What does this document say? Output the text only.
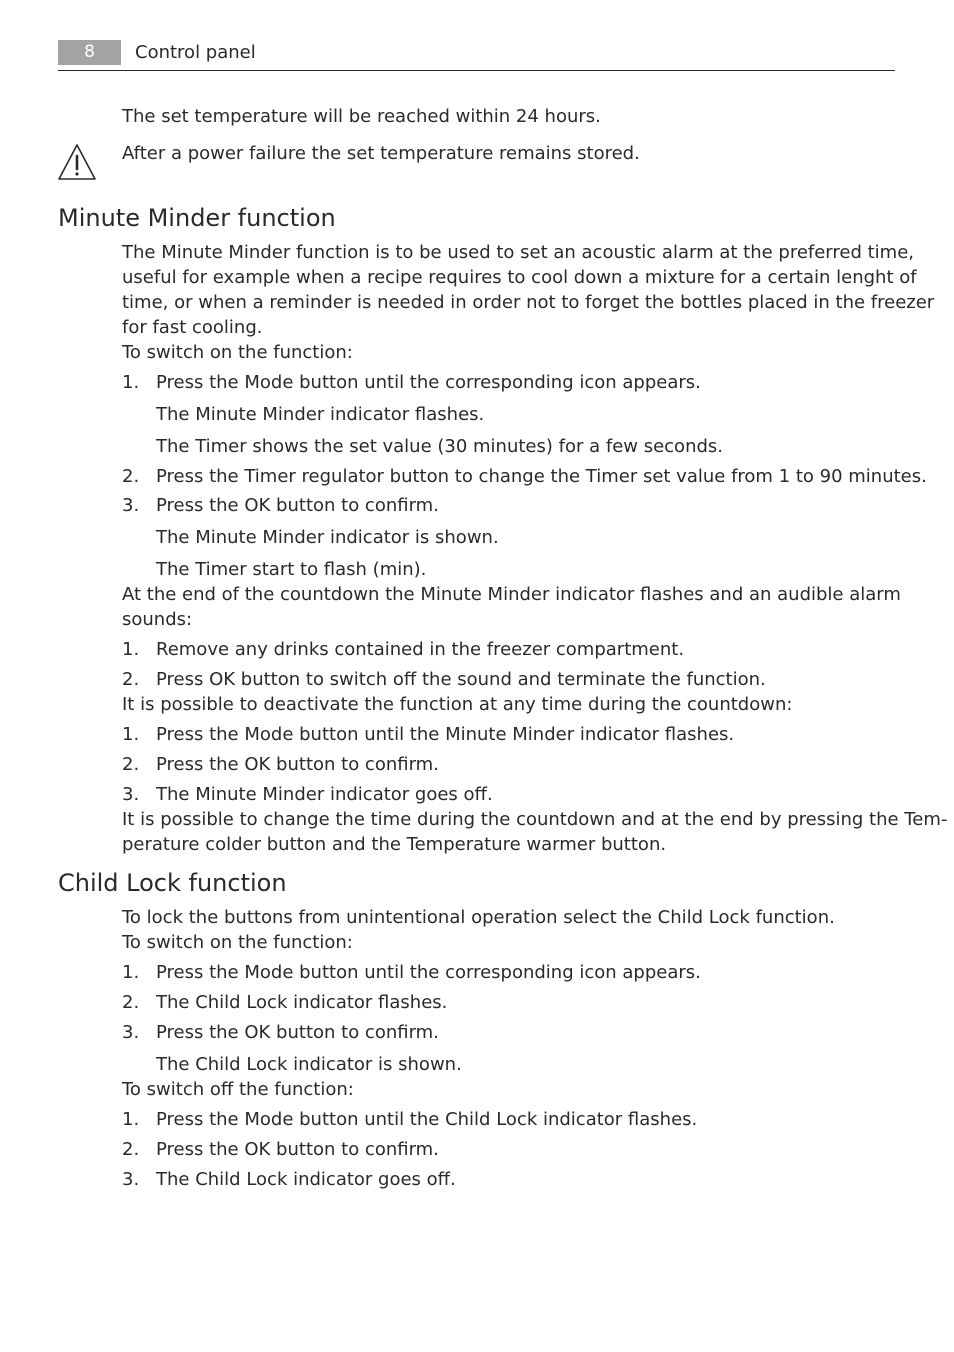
8	Control panel
The set temperature will be reached within 24 hours.
After a power failure the set temperature remains stored.
Minute Minder function
The Minute Minder function is to be used to set an acoustic alarm at the preferred time,
useful for example when a recipe requires to cool down a mixture for a certain lenght of
time, or when a reminder is needed in order not to forget the bottles placed in the freezer
for fast cooling.
To switch on the function:
1. Press the Mode button until the corresponding icon appears.
The Minute Minder indicator flashes.
The Timer shows the set value (30 minutes) for a few seconds.
2. Press the Timer regulator button to change the Timer set value from 1 to 90 minutes.
3. Press the OK button to confirm.
The Minute Minder indicator is shown.
The Timer start to flash (min).
At the end of the countdown the Minute Minder indicator flashes and an audible alarm
sounds:
1. Remove any drinks contained in the freezer compartment.
2. Press OK button to switch off the sound and terminate the function.
It is possible to deactivate the function at any time during the countdown:
1. Press the Mode button until the Minute Minder indicator flashes.
2. Press the OK button to confirm.
3. The Minute Minder indicator goes off.
It is possible to change the time during the countdown and at the end by pressing the Tem-
perature colder button and the Temperature warmer button.
Child Lock function
To lock the buttons from unintentional operation select the Child Lock function.
To switch on the function:
1. Press the Mode button until the corresponding icon appears.
2. The Child Lock indicator flashes.
3. Press the OK button to confirm.
The Child Lock indicator is shown.
To switch off the function:
1. Press the Mode button until the Child Lock indicator flashes.
2. Press the OK button to confirm.
3. The Child Lock indicator goes off.
